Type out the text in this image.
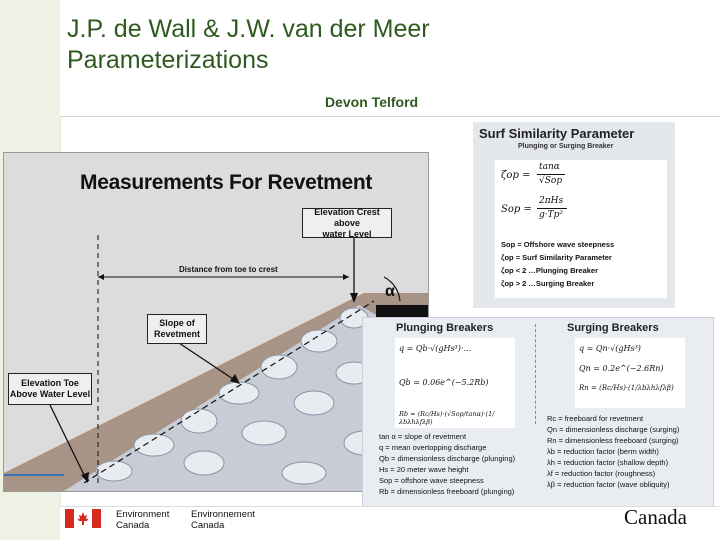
J.P. de Wall & J.W. van der Meer
Parameterizations
Devon Telford
Measurements For Revetment
Elevation Crest above
water Level
Distance from toe to crest
α
Slope of
Revetment
Elevation Toe
Above Water Level
Surf Similarity Parameter
Plunging or Surging Breaker
ζop =
tanα
√Sop
Sop =
2πHs
g·Tp²
Sop = Offshore wave steepness
ζop = Surf Similarity Parameter
ζop < 2 …Plunging Breaker
ζop > 2 …Surging Breaker
Plunging Breakers	Surging Breakers
q = Qb·√(gHs³)·…
Qb = 0.06e^(−5.2Rb)
Rb = (Rc/Hs)·(√Sop/tanα)·(1/λbλhλfλβ)
q = Qn·√(gHs³)
Qn = 0.2e^(−2.6Rn)
Rn = (Rc/Hs)·(1/λbλhλfλβ)
tan α = slope of revetment
q = mean overtopping discharge
Qb = dimensionless discharge (plunging)
Hs = 20 meter wave height
Sop = offshore wave steepness
Rb = dimensionless freeboard (plunging)
Rc = freeboard for revetment
Qn = dimensionless discharge (surging)
Rn = dimensionless freeboard (surging)
λb = reduction factor (berm width)
λh = reduction factor (shallow depth)
λf = reduction factor (roughness)
λβ = reduction factor (wave obliquity)
Environment
Canada
Environnement
Canada	Canada
